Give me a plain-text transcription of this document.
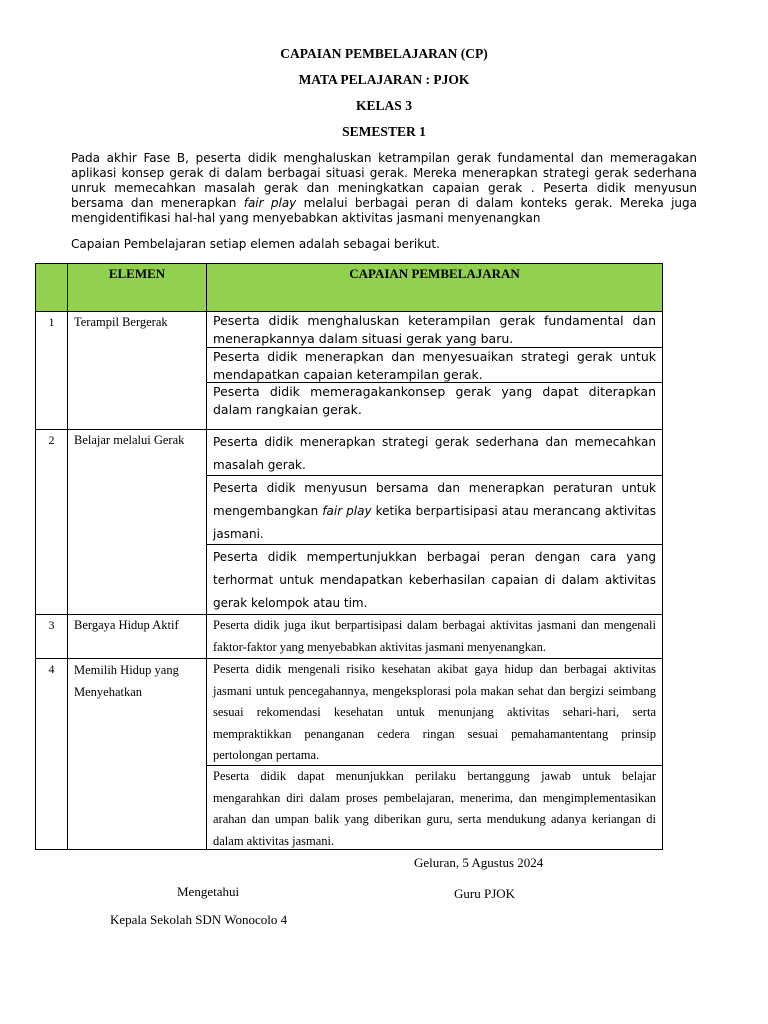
CAPAIAN PEMBELAJARAN (CP)
MATA PELAJARAN : PJOK
KELAS 3
SEMESTER 1
Pada akhir Fase B, peserta didik menghaluskan ketrampilan gerak fundamental dan memeragakan aplikasi konsep gerak di dalam berbagai situasi gerak. Mereka menerapkan strategi gerak sederhana unruk memecahkan masalah gerak dan meningkatkan capaian gerak . Peserta didik menyusun bersama dan menerapkan fair play melalui berbagai peran di dalam konteks gerak. Mereka juga mengidentifikasi hal-hal yang menyebabkan aktivitas jasmani menyenangkan
Capaian Pembelajaran setiap elemen adalah sebagai berikut.
	ELEMEN	CAPAIAN PEMBELAJARAN
1	Terampil Bergerak	Peserta didik menghaluskan keterampilan gerak fundamental dan menerapkannya dalam situasi gerak yang baru.
Peserta didik menerapkan dan menyesuaikan strategi gerak untuk mendapatkan capaian keterampilan gerak.
Peserta didik memeragakankonsep gerak yang dapat diterapkan dalam rangkaian gerak.

2	Belajar melalui Gerak	Peserta didik menerapkan strategi gerak sederhana dan memecahkan masalah gerak.
Peserta didik menyusun bersama dan menerapkan peraturan untuk mengembangkan fair play ketika berpartisipasi atau merancang aktivitas jasmani.
Peserta didik mempertunjukkan berbagai peran dengan cara yang terhormat untuk mendapatkan keberhasilan capaian di dalam aktivitas gerak kelompok atau tim.

3	Bergaya Hidup Aktif	Peserta didik juga ikut berpartisipasi dalam berbagai aktivitas jasmani dan mengenali faktor-faktor yang menyebabkan aktivitas jasmani menyenangkan.

4	Memilih Hidup yang Menyehatkan	Peserta didik mengenali risiko kesehatan akibat gaya hidup dan berbagai aktivitas jasmani untuk pencegahannya, mengeksplorasi pola makan sehat dan bergizi seimbang sesuai rekomendasi kesehatan untuk menunjang aktivitas sehari-hari, serta mempraktikkan penanganan cedera ringan sesuai pemahamantentang prinsip pertolongan pertama.
Peserta didik dapat menunjukkan perilaku bertanggung jawab untuk belajar mengarahkan diri dalam proses pembelajaran, menerima, dan mengimplementasikan arahan dan umpan balik yang diberikan guru, serta mendukung adanya keriangan di dalam aktivitas jasmani.
Geluran, 5 Agustus 2024
Mengetahui	Guru PJOK
Kepala Sekolah SDN Wonocolo 4
